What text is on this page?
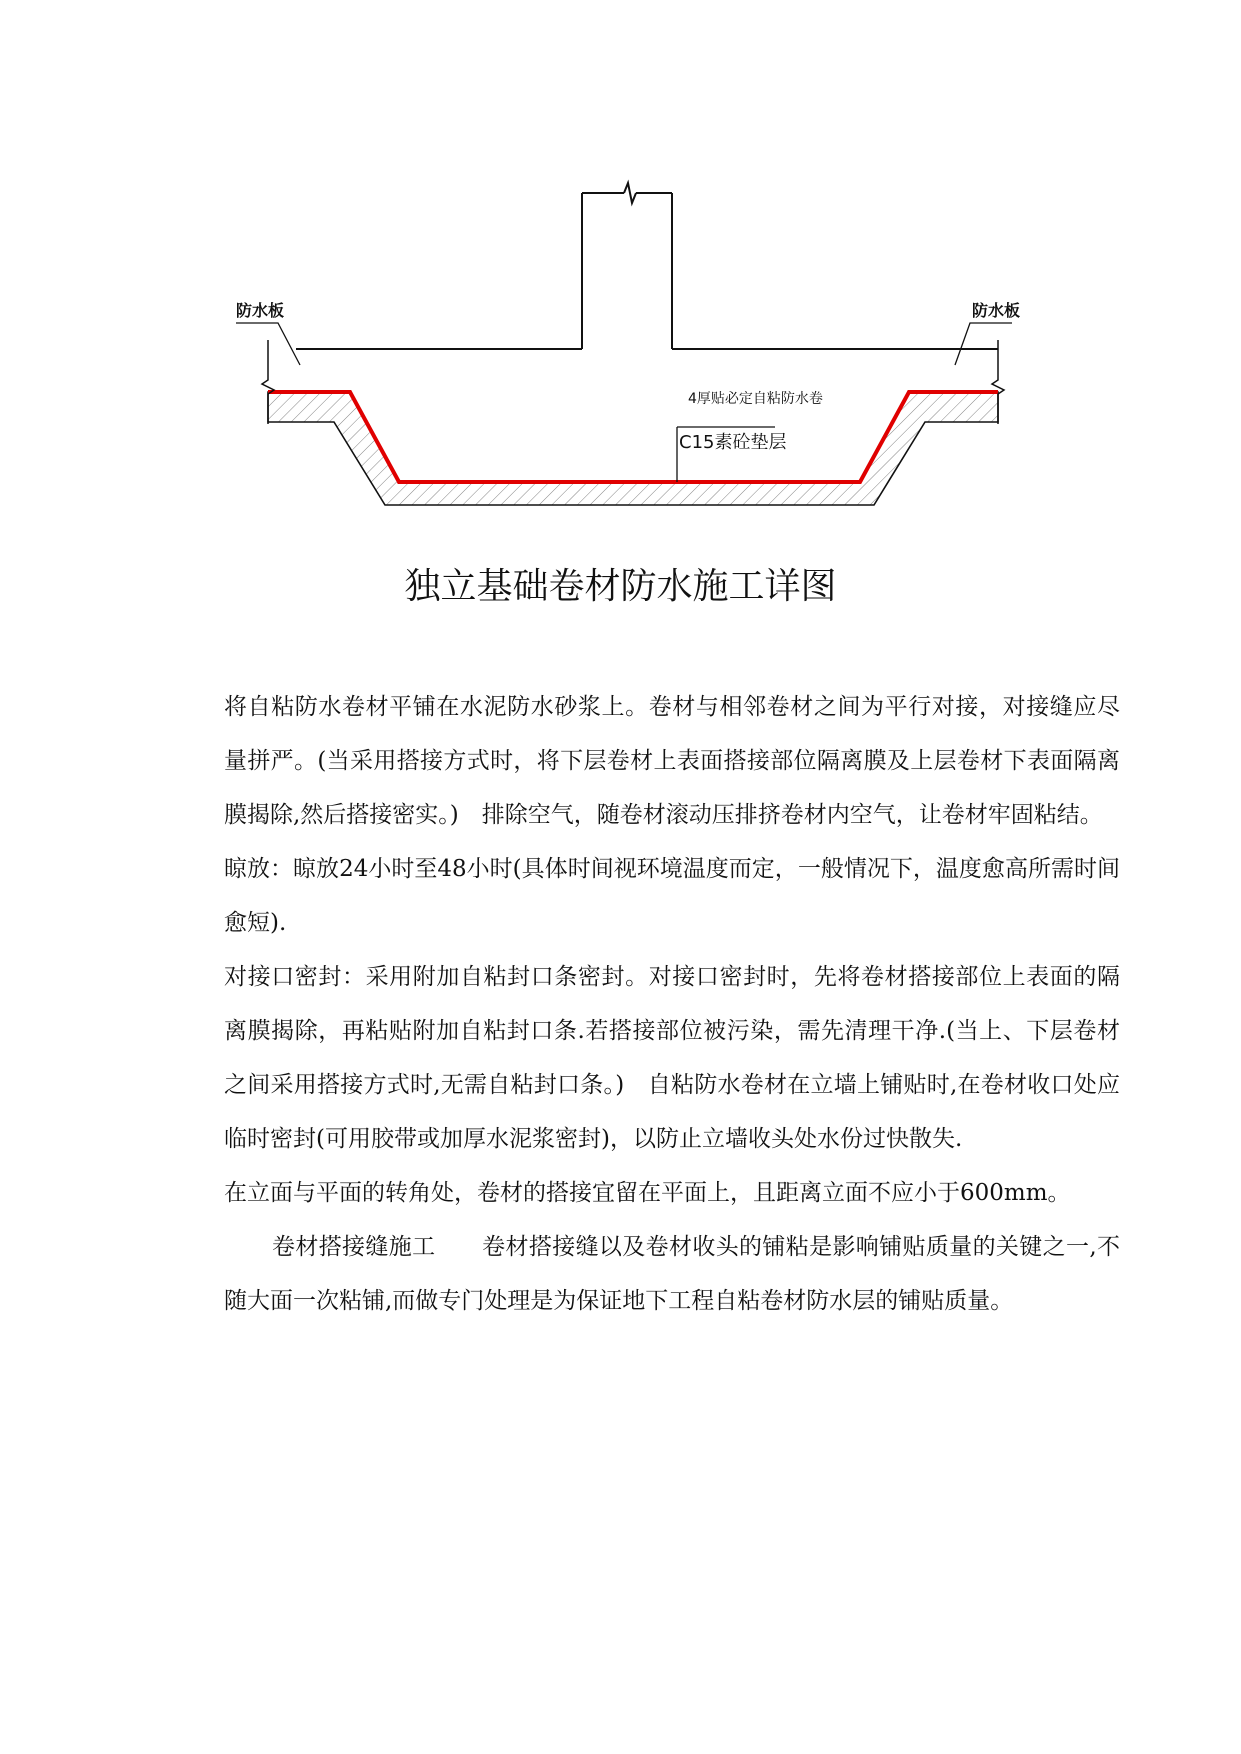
防水板	防水板
4厚贴必定自粘防水卷
C15素砼垫层
独立基础卷材防水施工详图

将自粘防水卷材平铺在水泥防水砂浆上。卷材与相邻卷材之间为平行对接，对接缝应尽量拼严。(当采用搭接方式时，将下层卷材上表面搭接部位隔离膜及上层卷材下表面隔离膜揭除,然后搭接密实。)　排除空气，随卷材滚动压排挤卷材内空气，让卷材牢固粘结。

晾放：晾放24小时至48小时(具体时间视环境温度而定，一般情况下，温度愈高所需时间愈短).

对接口密封：采用附加自粘封口条密封。对接口密封时，先将卷材搭接部位上表面的隔离膜揭除，再粘贴附加自粘封口条.若搭接部位被污染，需先清理干净.(当上、下层卷材之间采用搭接方式时,无需自粘封口条。)　自粘防水卷材在立墙上铺贴时,在卷材收口处应临时密封(可用胶带或加厚水泥浆密封)，以防止立墙收头处水份过快散失.

在立面与平面的转角处，卷材的搭接宜留在平面上，且距离立面不应小于600mm。

卷材搭接缝施工　　卷材搭接缝以及卷材收头的铺粘是影响铺贴质量的关键之一,不随大面一次粘铺,而做专门处理是为保证地下工程自粘卷材防水层的铺贴质量。
